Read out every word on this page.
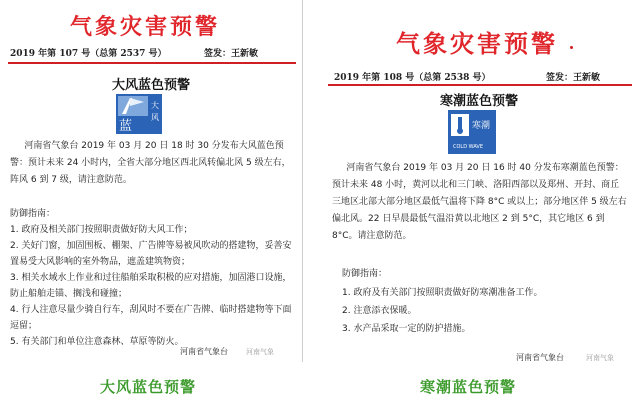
气象灾害预警
2019 年第 107 号（总第 2537 号）	签发：王新敏
大风蓝色预警
蓝
大
风

河南省气象台 2019 年 03 月 20 日 18 时 30 分发布大风蓝色预警：预计未来 24 小时内，全省大部分地区西北风转偏北风 5 级左右，阵风 6 到 7 级，请注意防范。

防御指南：
1. 政府及相关部门按照职责做好防大风工作；
2. 关好门窗，加固围板、棚架、广告牌等易被风吹动的搭建物，妥善安置易受大风影响的室外物品，遮盖建筑物资；
3. 相关水域水上作业和过往船舶采取积极的应对措施，加固港口设施，防止船舶走锚、搁浅和碰撞；
4. 行人注意尽量少骑自行车，刮风时不要在广告牌、临时搭建物等下面逗留；
5. 有关部门和单位注意森林、草原等防火。
河南省气象台	河南气象
气象灾害预警
2019 年第 108 号（总第 2538 号）	签发：王新敏
寒潮蓝色预警
寒潮
COLD WAVE

河南省气象台 2019 年 03 月 20 日 16 时 40 分发布寒潮蓝色预警：预计未来 48 小时，黄河以北和三门峡、洛阳西部以及郑州、开封、商丘三地区北部大部分地区最低气温将下降 8°C 或以上；部分地区伴 5 级左右偏北风。22 日早晨最低气温沿黄以北地区 2 到 5°C，其它地区 6 到 8°C。请注意防范。

防御指南：
1. 政府及有关部门按照职责做好防寒潮准备工作。
2. 注意添衣保暖。
3. 水产品采取一定的防护措施。
河南省气象台	河南气象
大风蓝色预警	寒潮蓝色预警
